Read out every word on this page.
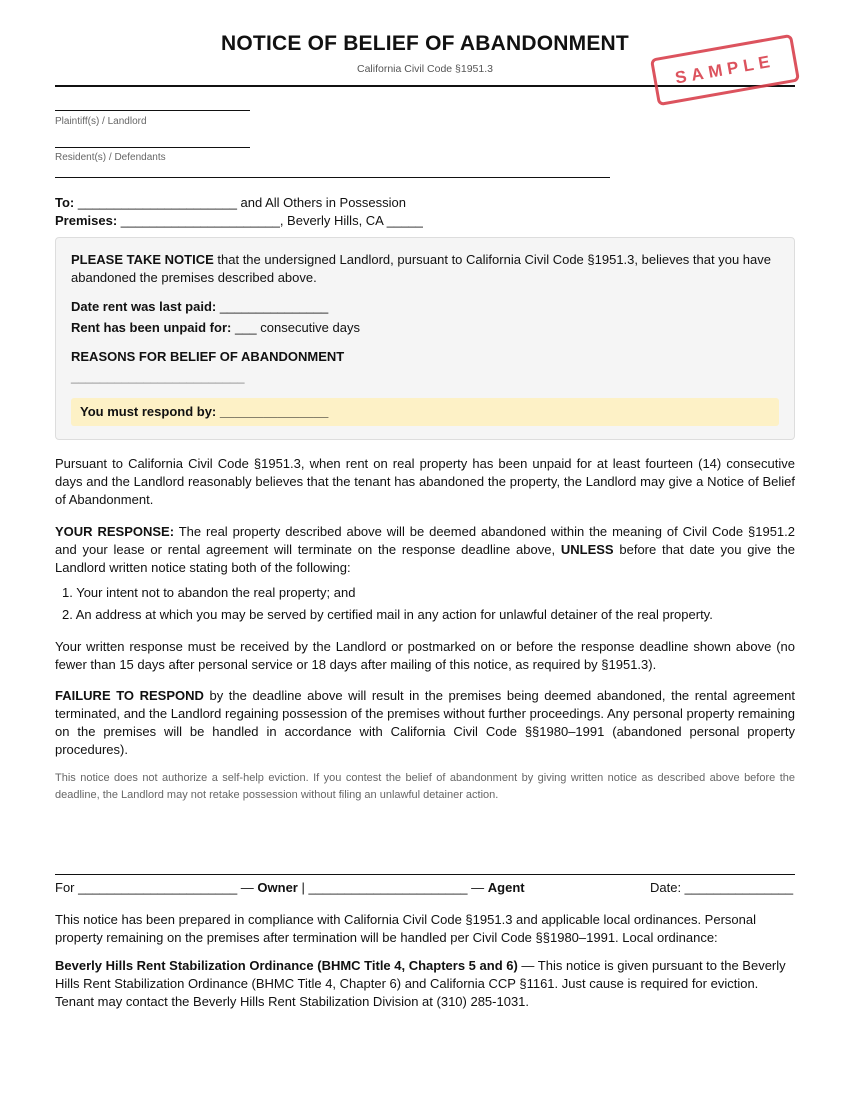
NOTICE OF BELIEF OF ABANDONMENT
California Civil Code §1951.3	SAMPLE
Plaintiff(s) / Landlord
Resident(s) / Defendants
To: ______________________ and All Others in Possession
Premises: ______________________, Beverly Hills, CA _____
PLEASE TAKE NOTICE that the undersigned Landlord, pursuant to California Civil Code §1951.3, believes that you have abandoned the premises described above.
Date rent was last paid: _______________
Rent has been unpaid for: ___ consecutive days
REASONS FOR BELIEF OF ABANDONMENT
________________________
You must respond by: _______________
Pursuant to California Civil Code §1951.3, when rent on real property has been unpaid for at least fourteen (14) consecutive days and the Landlord reasonably believes that the tenant has abandoned the property, the Landlord may give a Notice of Belief of Abandonment.
YOUR RESPONSE: The real property described above will be deemed abandoned within the meaning of Civil Code §1951.2 and your lease or rental agreement will terminate on the response deadline above, UNLESS before that date you give the Landlord written notice stating both of the following:
1. Your intent not to abandon the real property; and
2. An address at which you may be served by certified mail in any action for unlawful detainer of the real property.
Your written response must be received by the Landlord or postmarked on or before the response deadline shown above (no fewer than 15 days after personal service or 18 days after mailing of this notice, as required by §1951.3).
FAILURE TO RESPOND by the deadline above will result in the premises being deemed abandoned, the rental agreement terminated, and the Landlord regaining possession of the premises without further proceedings. Any personal property remaining on the premises will be handled in accordance with California Civil Code §§1980–1991 (abandoned personal property procedures).
This notice does not authorize a self-help eviction. If you contest the belief of abandonment by giving written notice as described above before the deadline, the Landlord may not retake possession without filing an unlawful detainer action.
For ______________________ — Owner | ______________________ — Agent	Date: _______________
This notice has been prepared in compliance with California Civil Code §1951.3 and applicable local ordinances. Personal property remaining on the premises after termination will be handled per Civil Code §§1980–1991. Local ordinance:
Beverly Hills Rent Stabilization Ordinance (BHMC Title 4, Chapters 5 and 6) — This notice is given pursuant to the Beverly Hills Rent Stabilization Ordinance (BHMC Title 4, Chapter 6) and California CCP §1161. Just cause is required for eviction. Tenant may contact the Beverly Hills Rent Stabilization Division at (310) 285-1031.
